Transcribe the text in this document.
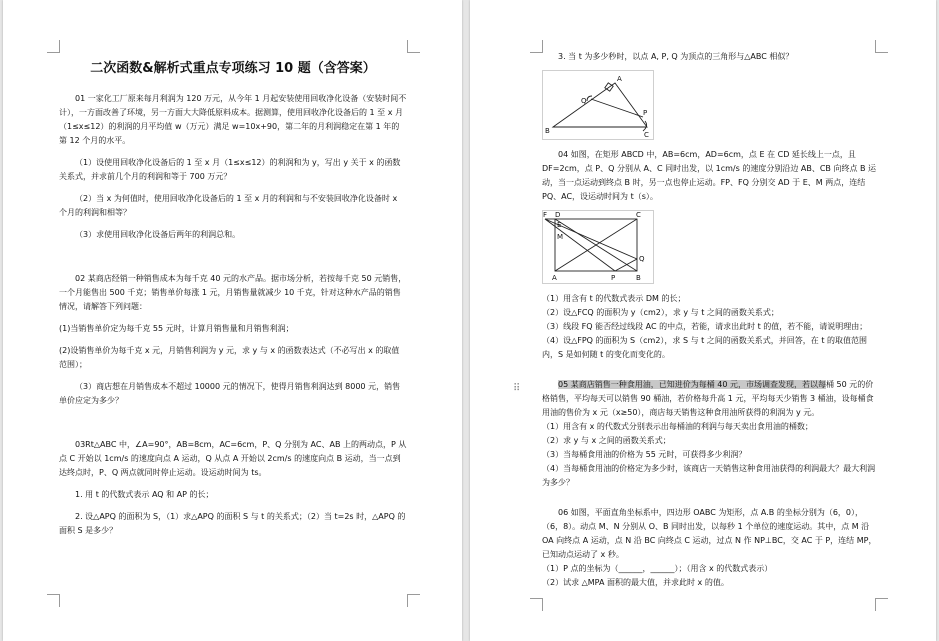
二次函数&解析式重点专项练习 10 题（含答案）

01 一家化工厂原来每月利润为 120 万元，从今年 1 月起安装使用回收净化设备（安装时间不计），一方面改善了环境，另一方面大大降低原料成本。据测算，使用回收净化设备后的 1 至 x 月（1≤x≤12）的利润的月平均值 w（万元）满足 w=10x+90，第二年的月利润稳定在第 1 年的第 12 个月的水平。

（1）设使用回收净化设备后的 1 至 x 月（1≤x≤12）的利润和为 y，写出 y 关于 x 的函数关系式，并求前几个月的利润和等于 700 万元？

（2）当 x 为何值时，使用回收净化设备后的 1 至 x 月的利润和与不安装回收净化设备时 x 个月的利润和相等？

（3）求使用回收净化设备后两年的利润总和。

02 某商店经销一种销售成本为每千克 40 元的水产品。据市场分析，若按每千克 50 元销售，一个月能售出 500 千克；销售单价每涨 1 元，月销售量就减少 10 千克，针对这种水产品的销售情况，请解答下列问题：

(1)当销售单价定为每千克 55 元时，计算月销售量和月销售利润；

(2)设销售单价为每千克 x 元，月销售利润为 y 元，求 y 与 x 的函数表达式（不必写出 x 的取值范围）；

（3）商店想在月销售成本不超过 10000 元的情况下，使得月销售利润达到 8000 元，销售单价应定为多少？

03Rt△ABC 中，∠A=90°，AB=8cm，AC=6cm，P、Q 分别为 AC、AB 上的两动点，P 从点 C 开始以 1cm/s 的速度向点 A 运动，Q 从点 A 开始以 2cm/s 的速度向点 B 运动，当一点到达终点时，P、Q 两点就同时停止运动。设运动时间为 ts。

1. 用 t 的代数式表示 AQ 和 AP 的长；

2. 设△APQ 的面积为 S，（1）求△APQ 的面积 S 与 t 的关系式；（2）当 t=2s 时，△APQ 的面积 S 是多少？

⠿

3. 当 t 为多少秒时，以点 A, P, Q 为顶点的三角形与△ABC 相似？

A
B	C
P
Q

04 如图，在矩形 ABCD 中，AB=6cm，AD=6cm，点 E 在 CD 延长线上一点，且 DF=2cm，点 P、Q 分别从 A、C 同时出发，以 1cm/s 的速度分别沿边 AB、CB 向终点 B 运动，当一点运动到终点 B 时，另一点也停止运动。FP、FQ 分别交 AD 于 E、M 两点，连结 PQ、AC，设运动时间为 t（s）。

F D	C
E
M
A	P	B
Q

（1）用含有 t 的代数式表示 DM 的长；

（2）设△FCQ 的面积为 y（cm2），求 y 与 t 之间的函数关系式；

（3）线段 FQ 能否经过线段 AC 的中点，若能，请求出此时 t 的值，若不能，请说明理由；

（4）设△FPQ 的面积为 S（cm2），求 S 与 t 之间的函数关系式，并回答，在 t 的取值范围内，S 是如何随 t 的变化而变化的。

05 某商店销售一种食用油，已知进价为每桶 40 元，市场调查发现，若以每桶 50 元的价格销售，平均每天可以销售 90 桶油，若价格每升高 1 元，平均每天少销售 3 桶油，设每桶食用油的售价为 x 元（x≥50），商店每天销售这种食用油所获得的利润为 y 元。

（1）用含有 x 的代数式分别表示出每桶油的利润与每天卖出食用油的桶数；

（2）求 y 与 x 之间的函数关系式；

（3）当每桶食用油的价格为 55 元时，可获得多少利润？

（4）当每桶食用油的价格定为多少时，该商店一天销售这种食用油获得的利润最大？最大利润为多少？

06 如图，平面直角坐标系中，四边形 OABC 为矩形，点 A.B 的坐标分别为（6，0），（6，8）。动点 M、N 分别从 O、B 同时出发，以每秒 1 个单位的速度运动。其中，点 M 沿 OA 向终点 A 运动，点 N 沿 BC 向终点 C 运动，过点 N 作 NP⊥BC，交 AC 于 P，连结 MP，已知动点运动了 x 秒。

（1）P 点的坐标为（______，______）；（用含 x 的代数式表示）

（2）试求 △MPA 面积的最大值，并求此时 x 的值。
